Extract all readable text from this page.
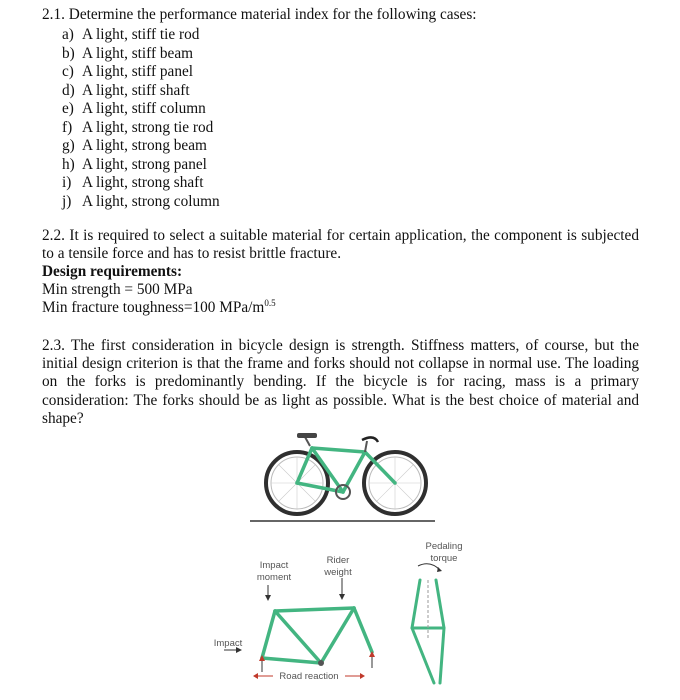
2.1. Determine the performance material index for the following cases:
a) A light, stiff tie rod
b) A light, stiff beam
c) A light, stiff panel
d) A light, stiff shaft
e) A light, stiff column
f) A light, strong tie rod
g) A light, strong beam
h) A light, strong panel
i) A light, strong shaft
j) A light, strong column
2.2. It is required to select a suitable material for certain application, the component is subjected to a tensile force and has to resist brittle fracture.
Design requirements:
Min strength = 500 MPa
Min fracture toughness=100 MPa/$m^{0.5}$
2.3. The first consideration in bicycle design is strength. Stiffness matters, of course, but the initial design criterion is that the frame and forks should not collapse in normal use. The loading on the forks is predominantly bending. If the bicycle is for racing, mass is a primary consideration: The forks should be as light as possible. What is the best choice of material and shape?
Impact
moment
Rider
weight
Pedaling
torque
Impact
Road reaction
